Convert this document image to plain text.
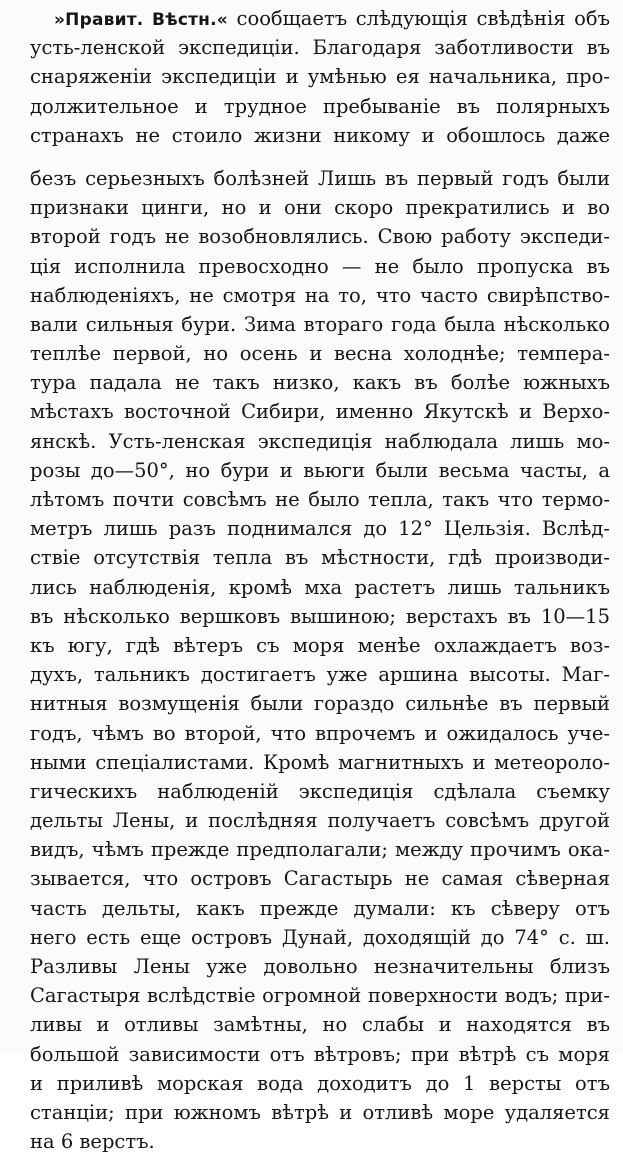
»Правит. Вѣстн.« сообщаетъ слѣдующія свѣдѣнія объ
усть-ленской экспедиціи. Благодаря заботливости въ
снаряженіи экспедиціи и умѣнью ея начальника, про-
должительное и трудное пребываніе въ полярныхъ
странахъ не стоило жизни никому и обошлось даже
безъ серьезныхъ болѣзней Лишь въ первый годъ были
признаки цинги, но и они скоро прекратились и во
второй годъ не возобновлялись. Свою работу экспеди-
ція исполнила превосходно — не было пропуска въ
наблюденіяхъ, не смотря на то, что часто свирѣпство-
вали сильныя бури. Зима втораго года была нѣсколько
теплѣе первой, но осень и весна холоднѣе; темпера-
тура падала не такъ низко, какъ въ болѣе южныхъ
мѣстахъ восточной Сибири, именно Якутскѣ и Верхо-
янскѣ. Усть-ленская экспедиція наблюдала лишь мо-
розы до—50°, но бури и вьюги были весьма часты, а
лѣтомъ почти совсѣмъ не было тепла, такъ что термо-
метръ лишь разъ поднимался до 12° Цельзія. Вслѣд-
ствіе отсутствія тепла въ мѣстности, гдѣ производи-
лись наблюденія, кромѣ мха растетъ лишь тальникъ
въ нѣсколько вершковъ вышиною; верстахъ въ 10—15
къ югу, гдѣ вѣтеръ съ моря менѣе охлаждаетъ воз-
духъ, тальникъ достигаетъ уже аршина высоты. Маг-
нитныя возмущенія были гораздо сильнѣе въ первый
годъ, чѣмъ во второй, что впрочемъ и ожидалось уче-
ными спеціалистами. Кромѣ магнитныхъ и метеороло-
гическихъ наблюденій экспедиція сдѣлала съемку
дельты Лены, и послѣдняя получаетъ совсѣмъ другой
видъ, чѣмъ прежде предполагали; между прочимъ ока-
зывается, что островъ Сагастырь не самая сѣверная
часть дельты, какъ прежде думали: къ сѣверу отъ
него есть еще островъ Дунай, доходящій до 74° с. ш.
Разливы Лены уже довольно незначительны близъ
Сагастыря вслѣдствіе огромной поверхности водъ; при-
ливы и отливы замѣтны, но слабы и находятся въ
большой зависимости отъ вѣтровъ; при вѣтрѣ съ моря
и приливѣ морская вода доходитъ до 1 версты отъ
станціи; при южномъ вѣтрѣ и отливѣ море удаляется
на 6 верстъ.
